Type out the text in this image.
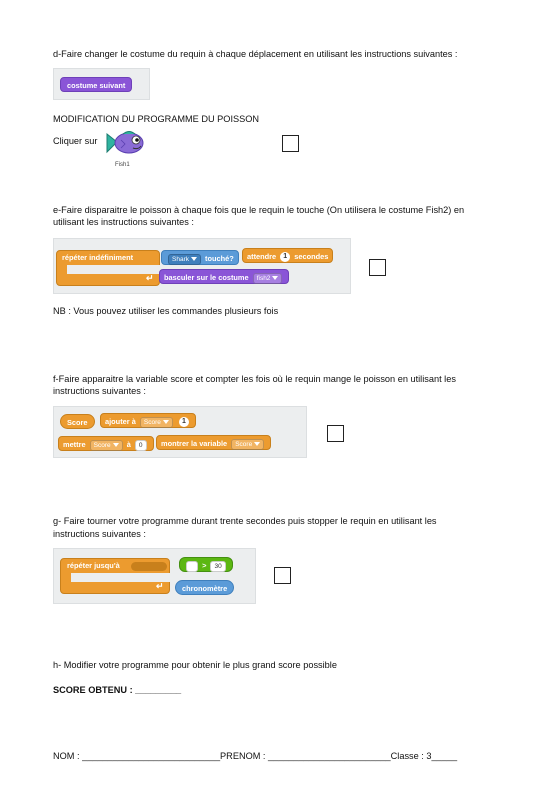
d-Faire changer le costume du requin à chaque déplacement en utilisant les instructions suivantes :
costume suivant
MODIFICATION DU PROGRAMME DU POISSON
Cliquer sur
Fish1
e-Faire disparaitre le poisson à chaque fois que le requin le touche (On utilisera le costume Fish2) en
utilisant les instructions suivantes :
répéter indéfiniment
↵
Shark touché?	attendre 1 secondes
basculer sur le costume fish2
NB : Vous pouvez utiliser les commandes plusieurs fois
f-Faire apparaitre la variable score et compter les fois où le requin mange le poisson en utilisant les
instructions suivantes :
Score	ajouter à Score	1
mettre Score à 0	montrer la variable Score
g- Faire tourner votre programme durant trente secondes puis stopper le requin en utilisant les
instructions suivantes :
répéter jusqu'à
↵
> 30
chronomètre
h- Modifier votre programme pour obtenir le plus grand score possible
SCORE OBTENU : _________
NOM : ___________________________PRENOM : ________________________Classe : 3_____
